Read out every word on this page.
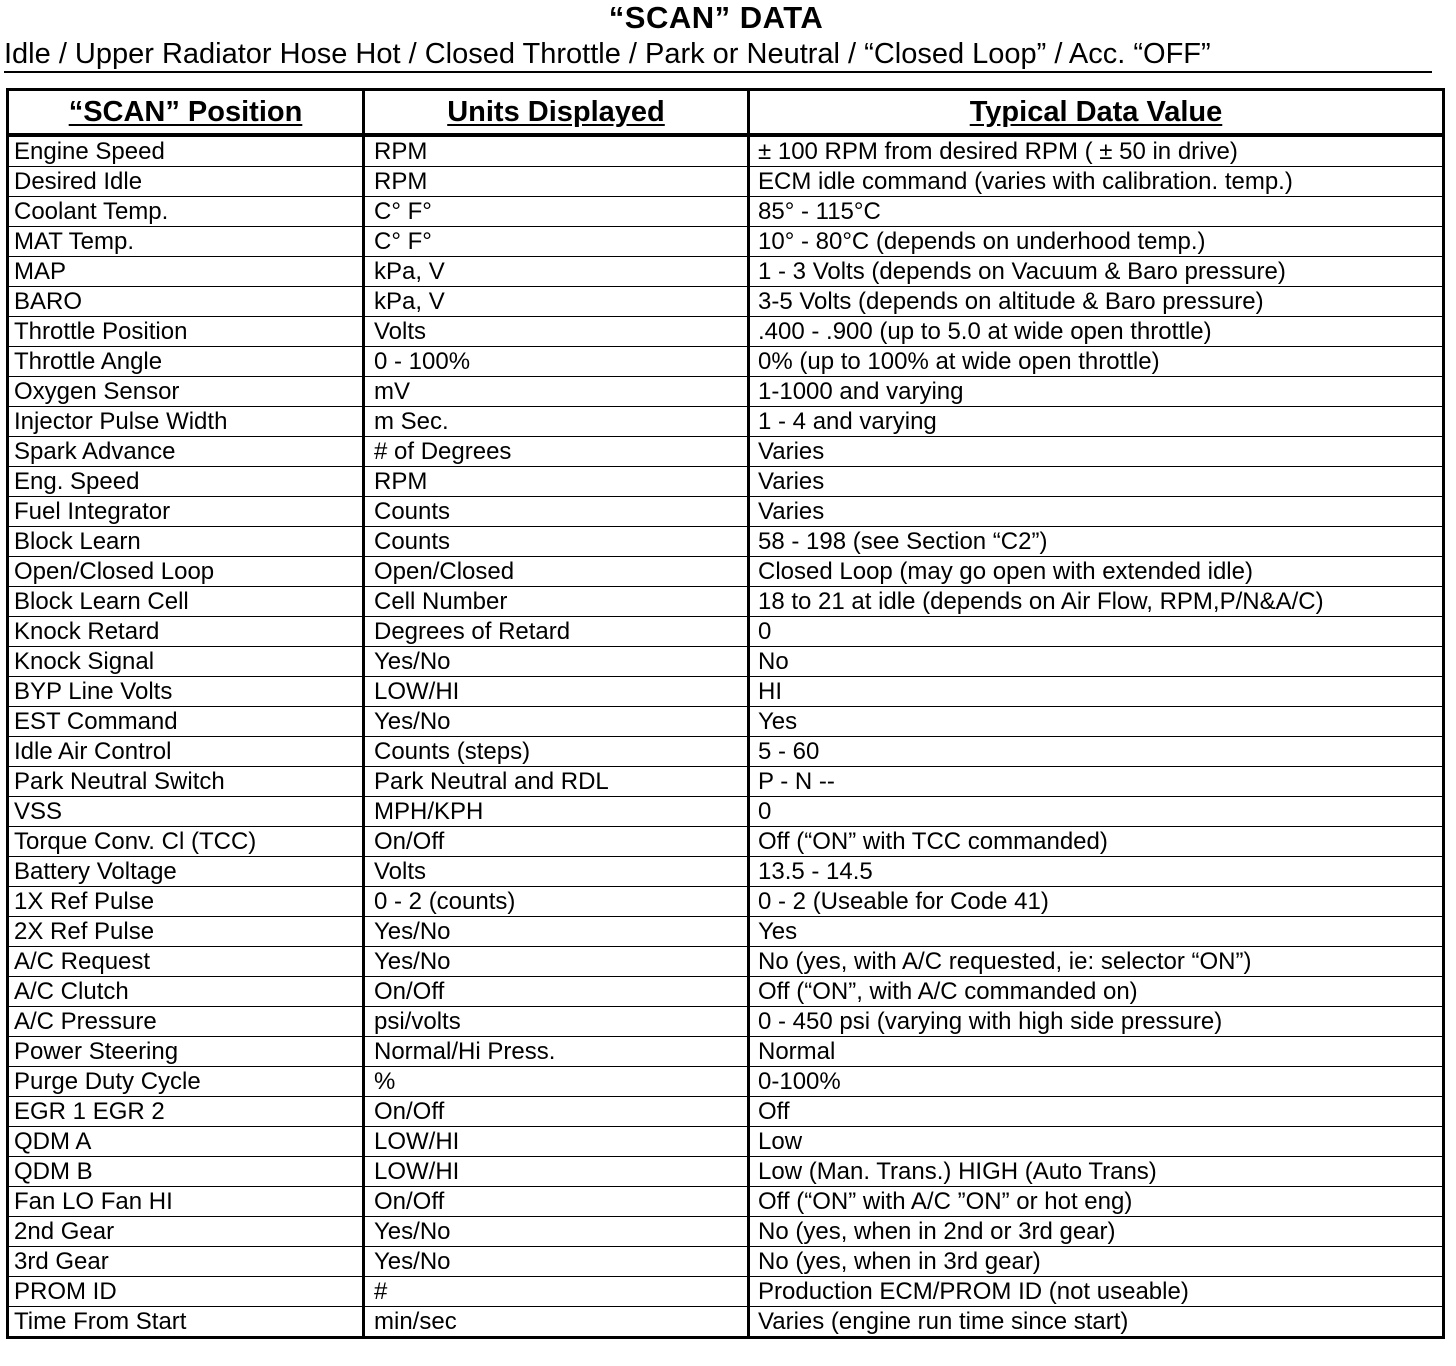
“SCAN” DATA
Idle / Upper Radiator Hose Hot / Closed Throttle / Park or Neutral / “Closed Loop” / Acc. “OFF”
“SCAN” Position	Units Displayed	Typical Data Value
Engine Speed	RPM	± 100 RPM from desired RPM ( ± 50 in drive)
Desired Idle	RPM	ECM idle command (varies with calibration. temp.)
Coolant Temp.	C° F°	85° - 115°C
MAT Temp.	C° F°	10° - 80°C (depends on underhood temp.)
MAP	kPa, V	1 - 3 Volts (depends on Vacuum & Baro pressure)
BARO	kPa, V	3-5 Volts (depends on altitude & Baro pressure)
Throttle Position	Volts	.400 - .900 (up to 5.0 at wide open throttle)
Throttle Angle	0 - 100%	0% (up to 100% at wide open throttle)
Oxygen Sensor	mV	1-1000 and varying
Injector Pulse Width	m Sec.	1 - 4 and varying
Spark Advance	# of Degrees	Varies
Eng. Speed	RPM	Varies
Fuel Integrator	Counts	Varies
Block Learn	Counts	58 - 198 (see Section “C2”)
Open/Closed Loop	Open/Closed	Closed Loop (may go open with extended idle)
Block Learn Cell	Cell Number	18 to 21 at idle (depends on Air Flow, RPM,P/N&A/C)
Knock Retard	Degrees of Retard	0
Knock Signal	Yes/No	No
BYP Line Volts	LOW/HI	HI
EST Command	Yes/No	Yes
Idle Air Control	Counts (steps)	5 - 60
Park Neutral Switch	Park Neutral and RDL	P - N --
VSS	MPH/KPH	0
Torque Conv. Cl (TCC)	On/Off	Off (“ON” with TCC commanded)
Battery Voltage	Volts	13.5 - 14.5
1X Ref Pulse	0 - 2 (counts)	0 - 2 (Useable for Code 41)
2X Ref Pulse	Yes/No	Yes
A/C Request	Yes/No	No (yes, with A/C requested, ie: selector “ON”)
A/C Clutch	On/Off	Off (“ON”, with A/C commanded on)
A/C Pressure	psi/volts	0 - 450 psi (varying with high side pressure)
Power Steering	Normal/Hi Press.	Normal
Purge Duty Cycle	%	0-100%
EGR 1 EGR 2	On/Off	Off
QDM A	LOW/HI	Low
QDM B	LOW/HI	Low (Man. Trans.) HIGH (Auto Trans)
Fan LO Fan HI	On/Off	Off (“ON” with A/C ”ON” or hot eng)
2nd Gear	Yes/No	No (yes, when in 2nd or 3rd gear)
3rd Gear	Yes/No	No (yes, when in 3rd gear)
PROM ID	#	Production ECM/PROM ID (not useable)
Time From Start	min/sec	Varies (engine run time since start)
